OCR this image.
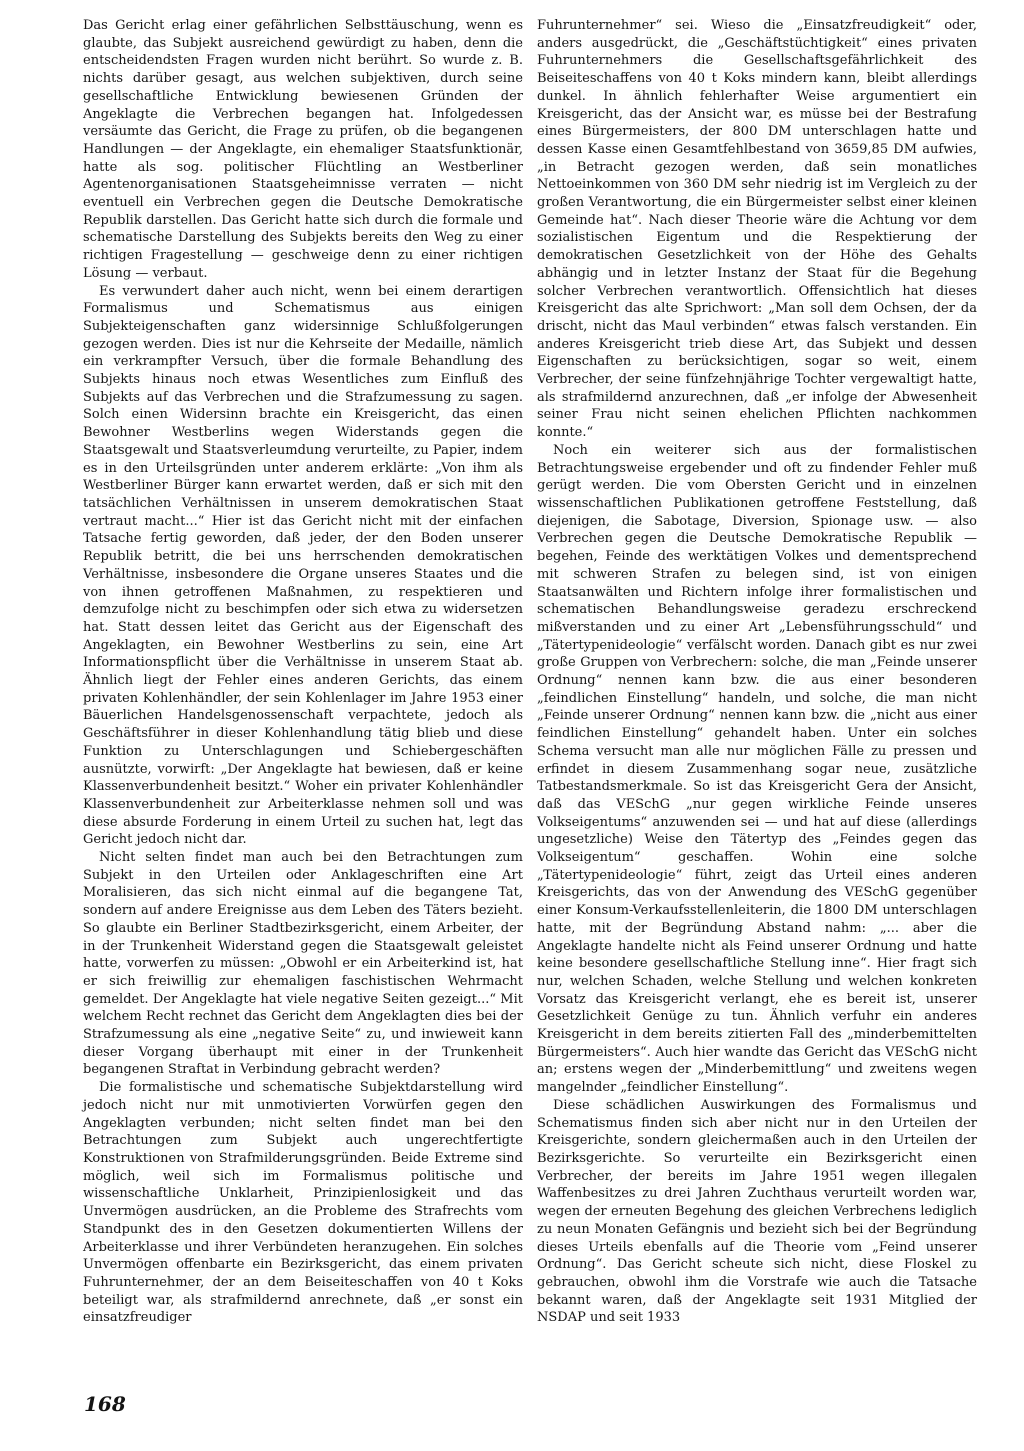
Das Gericht erlag einer gefährlichen Selbsttäuschung, wenn es glaubte, das Subjekt ausreichend gewürdigt zu haben, denn die entscheidendsten Fragen wurden nicht berührt. So wurde z. B. nichts darüber gesagt, aus welchen subjektiven, durch seine gesellschaftliche Entwicklung bewiesenen Gründen der Angeklagte die Verbrechen begangen hat. Infolgedessen versäumte das Gericht, die Frage zu prüfen, ob die begangenen Handlungen — der Angeklagte, ein ehemaliger Staatsfunktionär, hatte als sog. politischer Flüchtling an Westberliner Agentenorganisationen Staatsgeheimnisse verraten — nicht eventuell ein Verbrechen gegen die Deutsche Demokratische Republik darstellen. Das Gericht hatte sich durch die formale und schematische Darstellung des Subjekts bereits den Weg zu einer richtigen Fragestellung — geschweige denn zu einer richtigen Lösung — verbaut.

Es verwundert daher auch nicht, wenn bei einem derartigen Formalismus und Schematismus aus einigen Subjekteigenschaften ganz widersinnige Schlußfolgerungen gezogen werden. Dies ist nur die Kehrseite der Medaille, nämlich ein verkrampfter Versuch, über die formale Behandlung des Subjekts hinaus noch etwas Wesentliches zum Einfluß des Subjekts auf das Verbrechen und die Strafzumessung zu sagen. Solch einen Widersinn brachte ein Kreisgericht, das einen Bewohner Westberlins wegen Widerstands gegen die Staatsgewalt und Staatsverleumdung verurteilte, zu Papier, indem es in den Urteilsgründen unter anderem erklärte: „Von ihm als Westberliner Bürger kann erwartet werden, daß er sich mit den tatsächlichen Verhältnissen in unserem demokratischen Staat vertraut macht...“ Hier ist das Gericht nicht mit der einfachen Tatsache fertig geworden, daß jeder, der den Boden unserer Republik betritt, die bei uns herrschenden demokratischen Verhältnisse, insbesondere die Organe unseres Staates und die von ihnen getroffenen Maßnahmen, zu respektieren und demzufolge nicht zu beschimpfen oder sich etwa zu widersetzen hat. Statt dessen leitet das Gericht aus der Eigenschaft des Angeklagten, ein Bewohner Westberlins zu sein, eine Art Informationspflicht über die Verhältnisse in unserem Staat ab. Ähnlich liegt der Fehler eines anderen Gerichts, das einem privaten Kohlenhändler, der sein Kohlenlager im Jahre 1953 einer Bäuerlichen Handelsgenossenschaft verpachtete, jedoch als Geschäftsführer in dieser Kohlenhandlung tätig blieb und diese Funktion zu Unterschlagungen und Schiebergeschäften ausnützte, vorwirft: „Der Angeklagte hat bewiesen, daß er keine Klassenverbundenheit besitzt.“ Woher ein privater Kohlenhändler Klassenverbundenheit zur Arbeiterklasse nehmen soll und was diese absurde Forderung in einem Urteil zu suchen hat, legt das Gericht jedoch nicht dar.

Nicht selten findet man auch bei den Betrachtungen zum Subjekt in den Urteilen oder Anklageschriften eine Art Moralisieren, das sich nicht einmal auf die begangene Tat, sondern auf andere Ereignisse aus dem Leben des Täters bezieht. So glaubte ein Berliner Stadtbezirksgericht, einem Arbeiter, der in der Trunkenheit Widerstand gegen die Staatsgewalt geleistet hatte, vorwerfen zu müssen: „Obwohl er ein Arbeiterkind ist, hat er sich freiwillig zur ehemaligen faschistischen Wehrmacht gemeldet. Der Angeklagte hat viele negative Seiten gezeigt...“ Mit welchem Recht rechnet das Gericht dem Angeklagten dies bei der Strafzumessung als eine „negative Seite“ zu, und inwieweit kann dieser Vorgang überhaupt mit einer in der Trunkenheit begangenen Straftat in Verbindung gebracht werden?

Die formalistische und schematische Subjektdarstellung wird jedoch nicht nur mit unmotivierten Vorwürfen gegen den Angeklagten verbunden; nicht selten findet man bei den Betrachtungen zum Subjekt auch ungerechtfertigte Konstruktionen von Strafmilderungsgründen. Beide Extreme sind möglich, weil sich im Formalismus politische und wissenschaftliche Unklarheit, Prinzipienlosigkeit und das Unvermögen ausdrücken, an die Probleme des Strafrechts vom Standpunkt des in den Gesetzen dokumentierten Willens der Arbeiterklasse und ihrer Verbündeten heranzugehen. Ein solches Unvermögen offenbarte ein Bezirksgericht, das einem privaten Fuhrunternehmer, der an dem Beiseiteschaffen von 40 t Koks beteiligt war, als strafmildernd anrechnete, daß „er sonst ein einsatzfreudiger

Fuhrunternehmer“ sei. Wieso die „Einsatzfreudigkeit“ oder, anders ausgedrückt, die „Geschäftstüchtigkeit“ eines privaten Fuhrunternehmers die Gesellschaftsgefährlichkeit des Beiseiteschaffens von 40 t Koks mindern kann, bleibt allerdings dunkel. In ähnlich fehlerhafter Weise argumentiert ein Kreisgericht, das der Ansicht war, es müsse bei der Bestrafung eines Bürgermeisters, der 800 DM unterschlagen hatte und dessen Kasse einen Gesamtfehlbestand von 3659,85 DM aufwies, „in Betracht gezogen werden, daß sein monatliches Nettoeinkommen von 360 DM sehr niedrig ist im Vergleich zu der großen Verantwortung, die ein Bürgermeister selbst einer kleinen Gemeinde hat“. Nach dieser Theorie wäre die Achtung vor dem sozialistischen Eigentum und die Respektierung der demokratischen Gesetzlichkeit von der Höhe des Gehalts abhängig und in letzter Instanz der Staat für die Begehung solcher Verbrechen verantwortlich. Offensichtlich hat dieses Kreisgericht das alte Sprichwort: „Man soll dem Ochsen, der da drischt, nicht das Maul verbinden“ etwas falsch verstanden. Ein anderes Kreisgericht trieb diese Art, das Subjekt und dessen Eigenschaften zu berücksichtigen, sogar so weit, einem Verbrecher, der seine fünfzehnjährige Tochter vergewaltigt hatte, als strafmildernd anzurechnen, daß „er infolge der Abwesenheit seiner Frau nicht seinen ehelichen Pflichten nachkommen konnte.“

Noch ein weiterer sich aus der formalistischen Betrachtungsweise ergebender und oft zu findender Fehler muß gerügt werden. Die vom Obersten Gericht und in einzelnen wissenschaftlichen Publikationen getroffene Feststellung, daß diejenigen, die Sabotage, Diversion, Spionage usw. — also Verbrechen gegen die Deutsche Demokratische Republik — begehen, Feinde des werktätigen Volkes und dementsprechend mit schweren Strafen zu belegen sind, ist von einigen Staatsanwälten und Richtern infolge ihrer formalistischen und schematischen Behandlungsweise geradezu erschreckend mißverstanden und zu einer Art „Lebensführungsschuld“ und „Tätertypenideologie“ verfälscht worden. Danach gibt es nur zwei große Gruppen von Verbrechern: solche, die man „Feinde unserer Ordnung“ nennen kann bzw. die aus einer besonderen „feindlichen Einstellung“ handeln, und solche, die man nicht „Feinde unserer Ordnung“ nennen kann bzw. die „nicht aus einer feindlichen Einstellung“ gehandelt haben. Unter ein solches Schema versucht man alle nur möglichen Fälle zu pressen und erfindet in diesem Zusammenhang sogar neue, zusätzliche Tatbestandsmerkmale. So ist das Kreisgericht Gera der Ansicht, daß das VESchG „nur gegen wirkliche Feinde unseres Volkseigentums“ anzuwenden sei — und hat auf diese (allerdings ungesetzliche) Weise den Tätertyp des „Feindes gegen das Volkseigentum“ geschaffen. Wohin eine solche „Tätertypenideologie“ führt, zeigt das Urteil eines anderen Kreisgerichts, das von der Anwendung des VESchG gegenüber einer Konsum-Verkaufsstellenleiterin, die 1800 DM unterschlagen hatte, mit der Begründung Abstand nahm: „... aber die Angeklagte handelte nicht als Feind unserer Ordnung und hatte keine besondere gesellschaftliche Stellung inne“. Hier fragt sich nur, welchen Schaden, welche Stellung und welchen konkreten Vorsatz das Kreisgericht verlangt, ehe es bereit ist, unserer Gesetzlichkeit Genüge zu tun. Ähnlich verfuhr ein anderes Kreisgericht in dem bereits zitierten Fall des „minderbemittelten Bürgermeisters“. Auch hier wandte das Gericht das VESchG nicht an; erstens wegen der „Minderbemittlung“ und zweitens wegen mangelnder „feindlicher Einstellung“.

Diese schädlichen Auswirkungen des Formalismus und Schematismus finden sich aber nicht nur in den Urteilen der Kreisgerichte, sondern gleichermaßen auch in den Urteilen der Bezirksgerichte. So verurteilte ein Bezirksgericht einen Verbrecher, der bereits im Jahre 1951 wegen illegalen Waffenbesitzes zu drei Jahren Zuchthaus verurteilt worden war, wegen der erneuten Begehung des gleichen Verbrechens lediglich zu neun Monaten Gefängnis und bezieht sich bei der Begründung dieses Urteils ebenfalls auf die Theorie vom „Feind unserer Ordnung“. Das Gericht scheute sich nicht, diese Floskel zu gebrauchen, obwohl ihm die Vorstrafe wie auch die Tatsache bekannt waren, daß der Angeklagte seit 1931 Mitglied der NSDAP und seit 1933

168
